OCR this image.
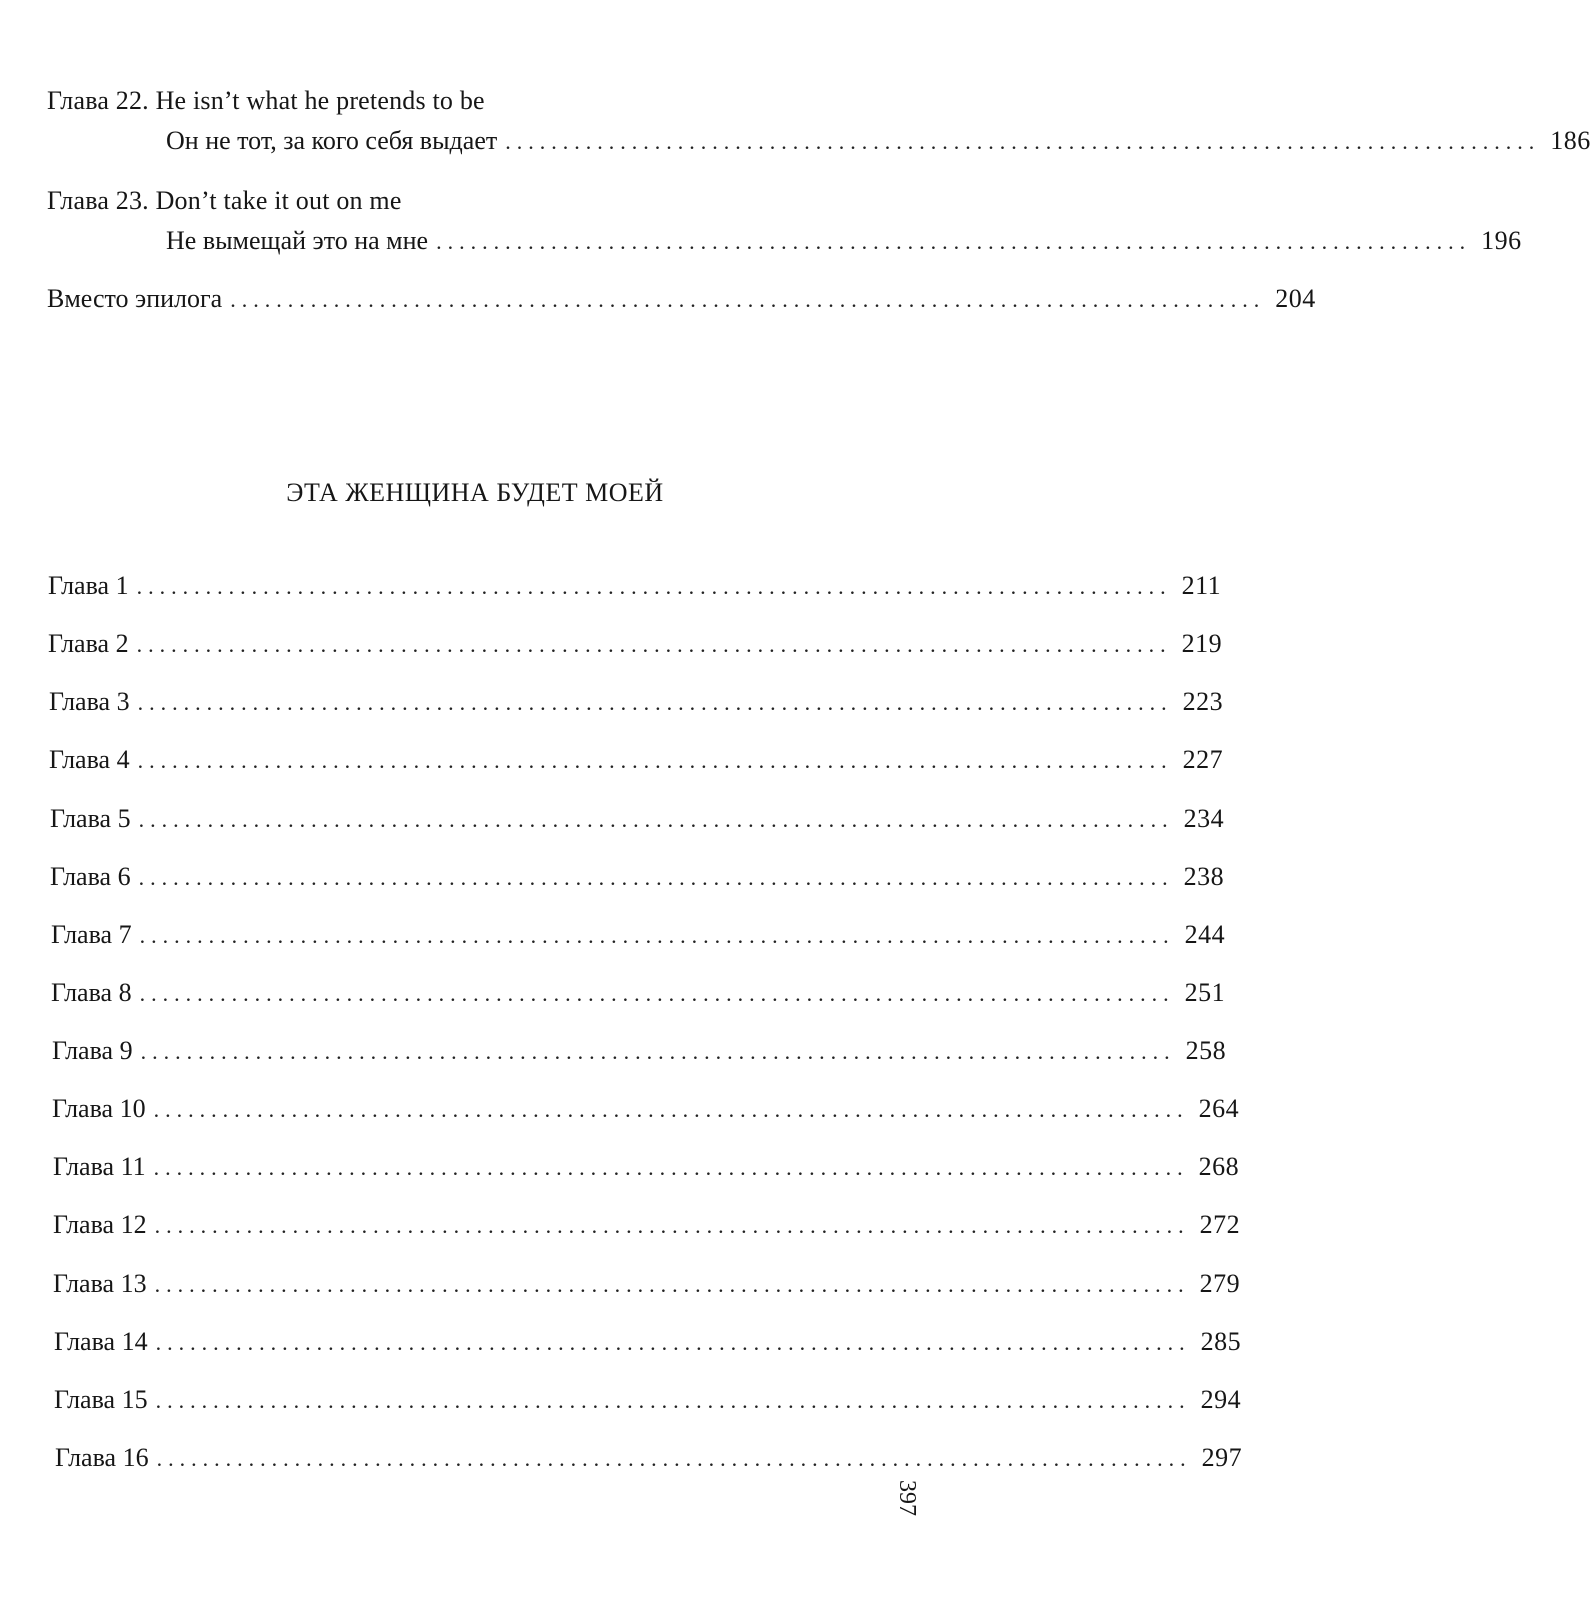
Глава 22. He isn’t what he pretends to be
Он не тот, за кого себя выдает .......................................................................................... 186
Глава 23. Don’t take it out on me
Не вымещай это на мне .......................................................................................... 196
Вместо эпилога .......................................................................................... 204
ЭТА ЖЕНЩИНА БУДЕТ МОЕЙ
Глава 1 .......................................................................................... 211
Глава 2 .......................................................................................... 219
Глава 3 .......................................................................................... 223
Глава 4 .......................................................................................... 227
Глава 5 .......................................................................................... 234
Глава 6 .......................................................................................... 238
Глава 7 .......................................................................................... 244
Глава 8 .......................................................................................... 251
Глава 9 .......................................................................................... 258
Глава 10 .......................................................................................... 264
Глава 11 .......................................................................................... 268
Глава 12 .......................................................................................... 272
Глава 13 .......................................................................................... 279
Глава 14 .......................................................................................... 285
Глава 15 .......................................................................................... 294
Глава 16 .......................................................................................... 297
397
